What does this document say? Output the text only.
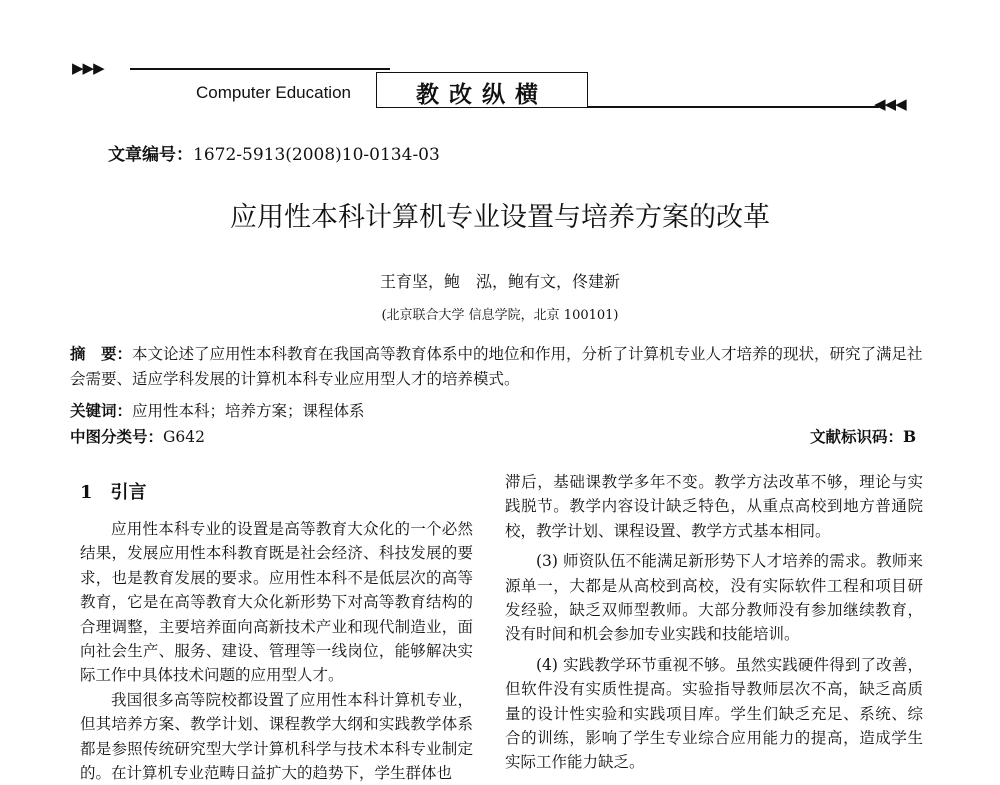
▶▶▶
Computer Education	教改纵横	◀◀◀
文章编号：1672-5913(2008)10-0134-03
应用性本科计算机专业设置与培养方案的改革
王育坚，鲍　泓，鲍有文，佟建新
(北京联合大学 信息学院，北京 100101)
摘　要：本文论述了应用性本科教育在我国高等教育体系中的地位和作用，分析了计算机专业人才培养的现状，研究了满足社会需要、适应学科发展的计算机本科专业应用型人才的培养模式。
关键词：应用性本科；培养方案；课程体系
中图分类号：G642	文献标识码：B
1　引言

应用性本科专业的设置是高等教育大众化的一个必然结果，发展应用性本科教育既是社会经济、科技发展的要求，也是教育发展的要求。应用性本科不是低层次的高等教育，它是在高等教育大众化新形势下对高等教育结构的合理调整，主要培养面向高新技术产业和现代制造业，面向社会生产、服务、建设、管理等一线岗位，能够解决实际工作中具体技术问题的应用型人才。

我国很多高等院校都设置了应用性本科计算机专业，但其培养方案、教学计划、课程教学大纲和实践教学体系都是参照传统研究型大学计算机科学与技术本科专业制定的。在计算机专业范畴日益扩大的趋势下，学生群体也

滞后，基础课教学多年不变。教学方法改革不够，理论与实践脱节。教学内容设计缺乏特色，从重点高校到地方普通院校，教学计划、课程设置、教学方式基本相同。

(3) 师资队伍不能满足新形势下人才培养的需求。教师来源单一，大都是从高校到高校，没有实际软件工程和项目研发经验，缺乏双师型教师。大部分教师没有参加继续教育，没有时间和机会参加专业实践和技能培训。

(4) 实践教学环节重视不够。虽然实践硬件得到了改善，但软件没有实质性提高。实验指导教师层次不高，缺乏高质量的设计性实验和实践项目库。学生们缺乏充足、系统、综合的训练，影响了学生专业综合应用能力的提高，造成学生实际工作能力缺乏。
